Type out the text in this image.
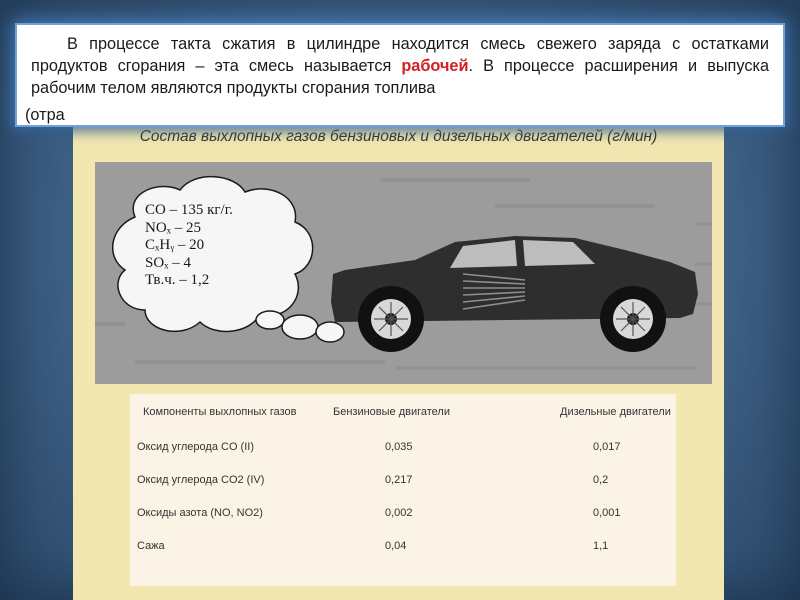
Состав выхлопных газов бензиновых и дизельных двигателей (г/мин)
CO – 135 кг/г.
NOₓ – 25
CₓHᵧ – 20
SOₓ – 4
Тв.ч. – 1,2
Компоненты выхлопных газов	Бензиновые двигатели	Дизельные двигатели
Оксид углерода CO (II)	0,035	0,017
Оксид углерода CO2 (IV)	0,217	0,2
Оксиды азота (NO, NO2)	0,002	0,001
Сажа	0,04	1,1
В процессе такта сжатия в цилиндре находится смесь свежего заряда с остатками продуктов сгорания – эта смесь называется рабочей. В процессе расширения и выпуска рабочим телом являются продукты сгорания топлива
(отра
